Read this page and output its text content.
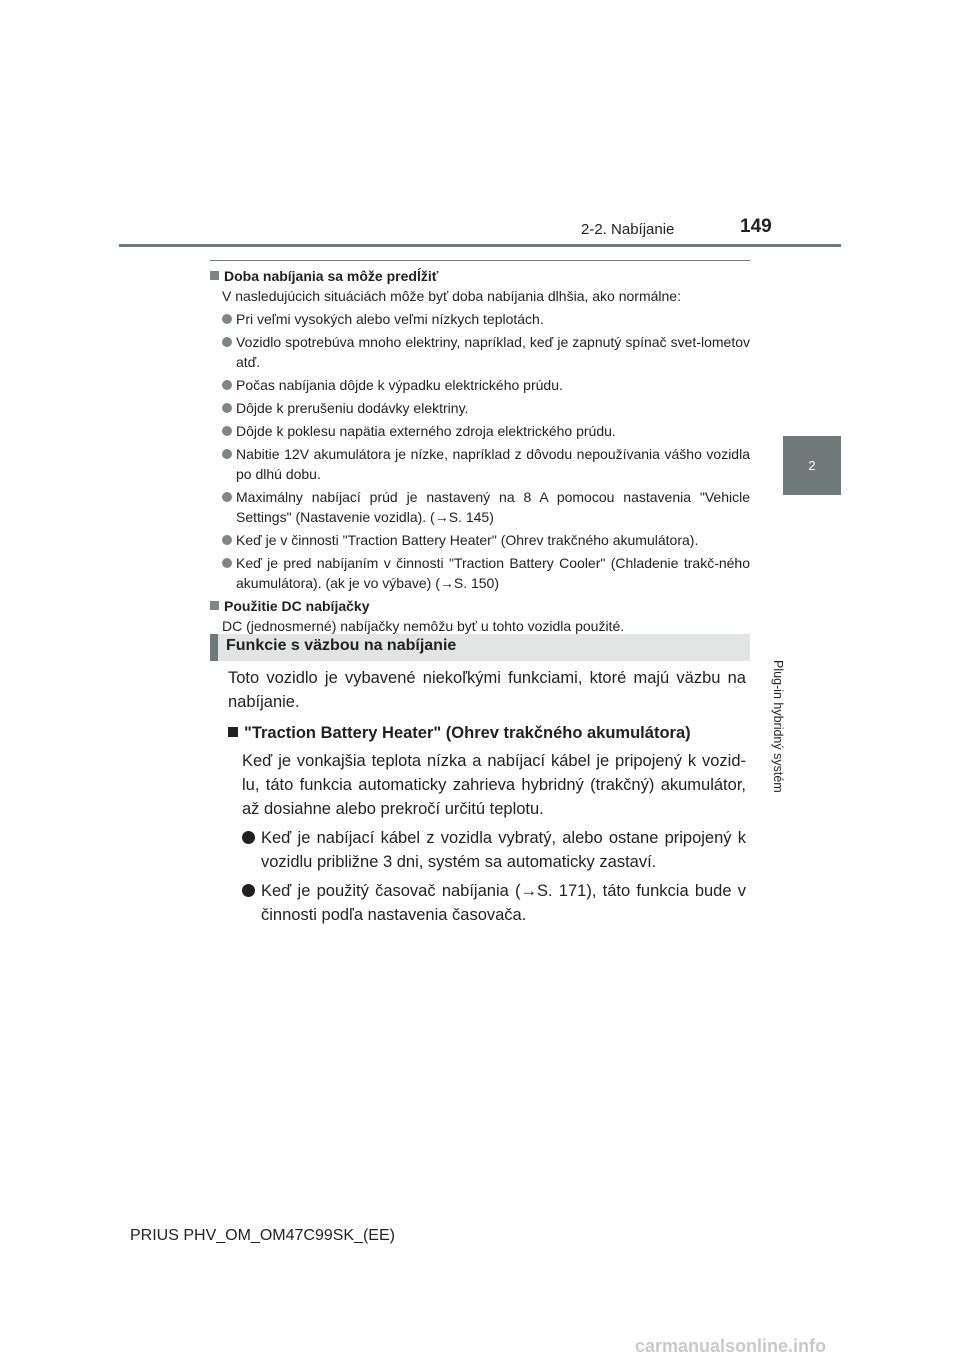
2-2. Nabíjanie	149
2
Plug-in hybridný systém

Doba nabíjania sa môže predĺžiť

V nasledujúcich situáciách môže byť doba nabíjania dlhšia, ako normálne:

Pri veľmi vysokých alebo veľmi nízkych teplotách.
Vozidlo spotrebúva mnoho elektriny, napríklad, keď je zapnutý spínač svet-lometov atď.
Počas nabíjania dôjde k výpadku elektrického prúdu.
Dôjde k prerušeniu dodávky elektriny.
Dôjde k poklesu napätia externého zdroja elektrického prúdu.
Nabitie 12V akumulátora je nízke, napríklad z dôvodu nepoužívania vášho vozidla po dlhú dobu.
Maximálny nabíjací prúd je nastavený na 8 A pomocou nastavenia "Vehicle Settings" (Nastavenie vozidla). (→S. 145)
Keď je v činnosti "Traction Battery Heater" (Ohrev trakčného akumulátora).
Keď je pred nabíjaním v činnosti "Traction Battery Cooler" (Chladenie trakč-ného akumulátora). (ak je vo výbave) (→S. 150)

Použitie DC nabíjačky

DC (jednosmerné) nabíjačky nemôžu byť u tohto vozidla použité.

Funkcie s väzbou na nabíjanie

Toto vozidlo je vybavené niekoľkými funkciami, ktoré majú väzbu na nabíjanie.

"Traction Battery Heater" (Ohrev trakčného akumulátora)

Keď je vonkajšia teplota nízka a nabíjací kábel je pripojený k vozid-lu, táto funkcia automaticky zahrieva hybridný (trakčný) akumulátor, až dosiahne alebo prekročí určitú teplotu.

Keď je nabíjací kábel z vozidla vybratý, alebo ostane pripojený k vozidlu približne 3 dni, systém sa automaticky zastaví.
Keď je použitý časovač nabíjania (→S. 171), táto funkcia bude v činnosti podľa nastavenia časovača.
PRIUS PHV_OM_OM47C99SK_(EE)
carmanualsonline.info
